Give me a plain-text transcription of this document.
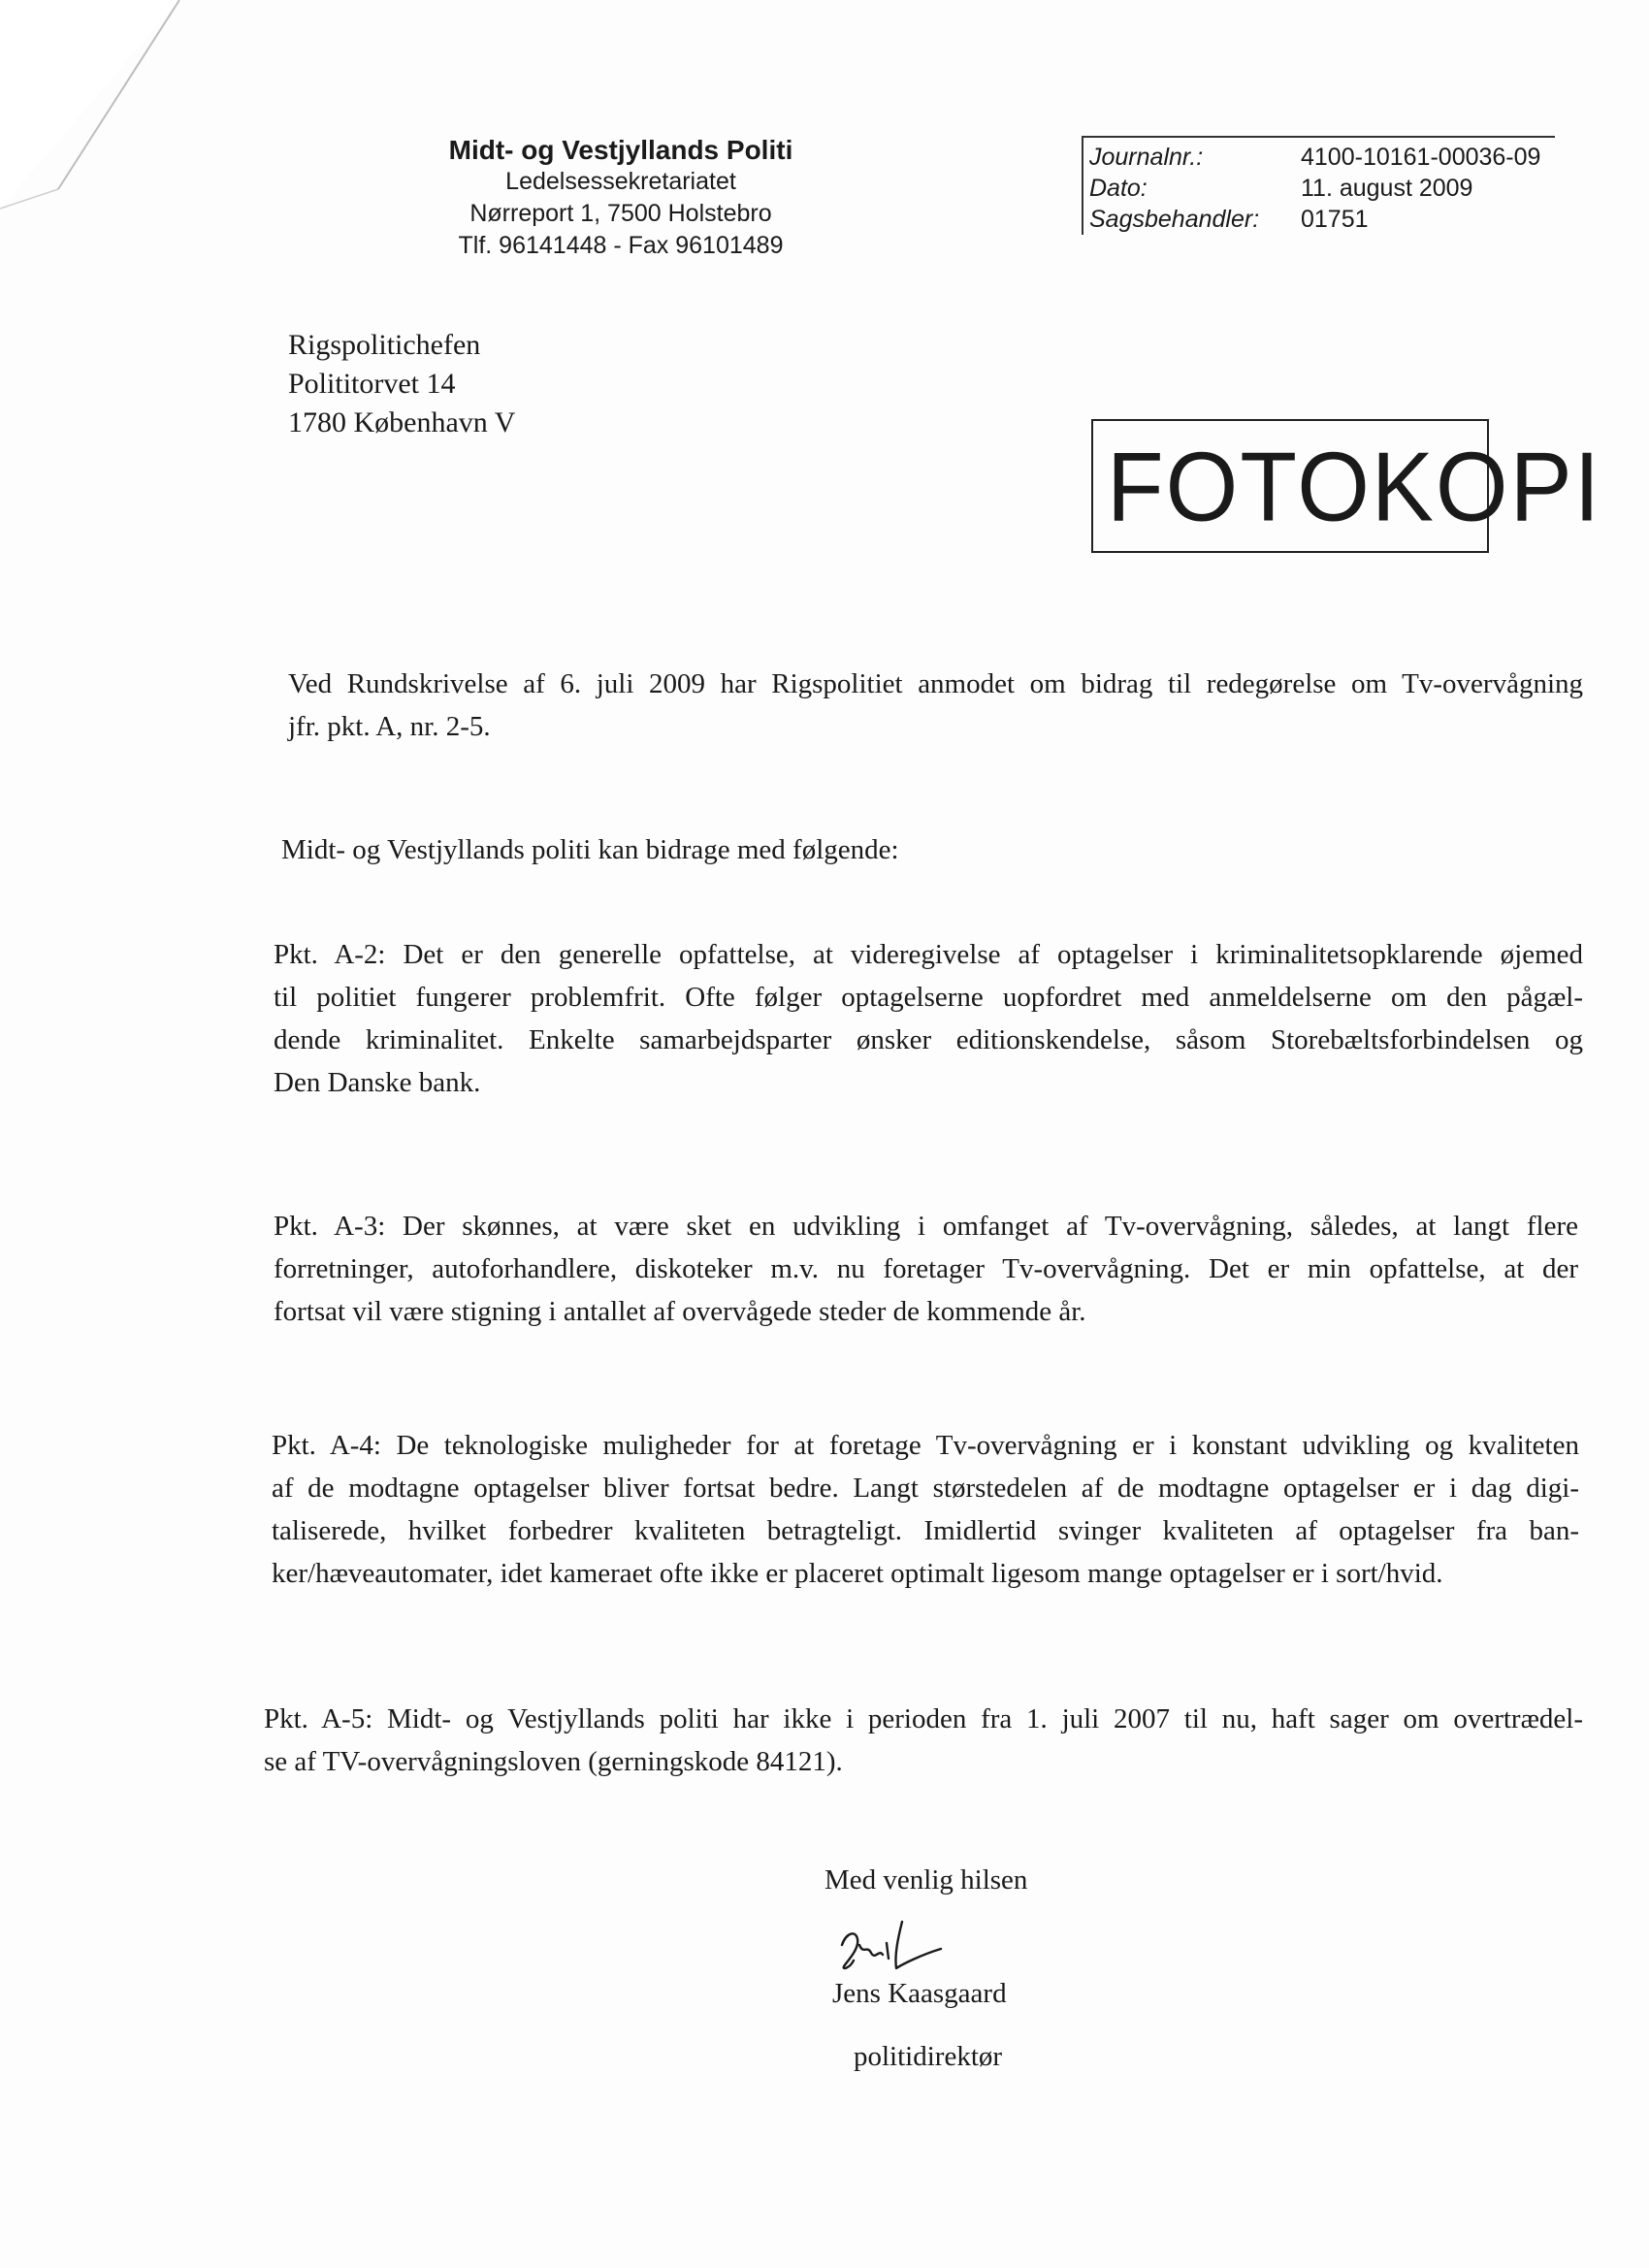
Midt- og Vestjyllands Politi
Ledelsessekretariatet
Nørreport 1, 7500 Holstebro
Tlf. 96141448 - Fax 96101489
Journalnr.:	4100-10161-00036-09
Dato:	11. august 2009
Sagsbehandler:	01751
Rigspolitichefen
Polititorvet 14
1780 København V
FOTOKOPI
Ved Rundskrivelse af 6. juli 2009 har Rigspolitiet anmodet om bidrag til redegørelse om Tv-overvågning
jfr. pkt. A, nr. 2-5.
Midt- og Vestjyllands politi kan bidrage med følgende:
Pkt. A-2: Det er den generelle opfattelse, at videregivelse af optagelser i kriminalitetsopklarende øjemed
til politiet fungerer problemfrit. Ofte følger optagelserne uopfordret med anmeldelserne om den pågæl-
dende kriminalitet. Enkelte samarbejdsparter ønsker editionskendelse, såsom Storebæltsforbindelsen og
Den Danske bank.
Pkt. A-3: Der skønnes, at være sket en udvikling i omfanget af Tv-overvågning, således, at langt flere
forretninger, autoforhandlere, diskoteker m.v. nu foretager Tv-overvågning. Det er min opfattelse, at der
fortsat vil være stigning i antallet af overvågede steder de kommende år.
Pkt. A-4: De teknologiske muligheder for at foretage Tv-overvågning er i konstant udvikling og kvaliteten
af de modtagne optagelser bliver fortsat bedre. Langt størstedelen af de modtagne optagelser er i dag digi-
taliserede, hvilket forbedrer kvaliteten betragteligt. Imidlertid svinger kvaliteten af optagelser fra ban-
ker/hæveautomater, idet kameraet ofte ikke er placeret optimalt ligesom mange optagelser er i sort/hvid.
Pkt. A-5: Midt- og Vestjyllands politi har ikke i perioden fra 1. juli 2007 til nu, haft sager om overtrædel-
se af TV-overvågningsloven (gerningskode 84121).
Med venlig hilsen
Jens Kaasgaard
politidirektør
